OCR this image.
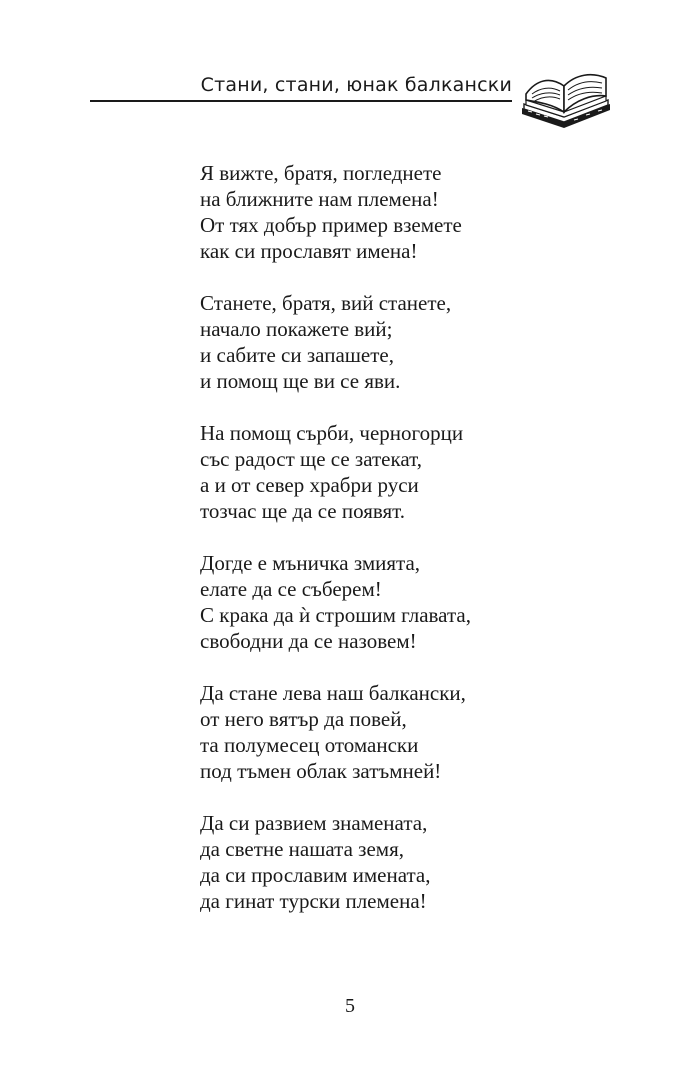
Стани, стани, юнак балкански
Я вижте, братя, погледнете
на ближните нам племена!
От тях добър пример вземете
как си прославят имена!
Станете, братя, вий станете,
начало покажете вий;
и сабите си запашете,
и помощ ще ви се яви.
На помощ сърби, черногорци
със радост ще се затекат,
а и от север храбри руси
тозчас ще да се появят.
Догде е мъничка змията,
елате да се съберем!
С крака да ѝ строшим главата,
свободни да се назовем!
Да стане лева наш балкански,
от него вятър да повей,
та полумесец отомански
под тъмен облак затъмней!
Да си развием знамената,
да светне нашата земя,
да си прославим имената,
да гинат турски племена!
5
